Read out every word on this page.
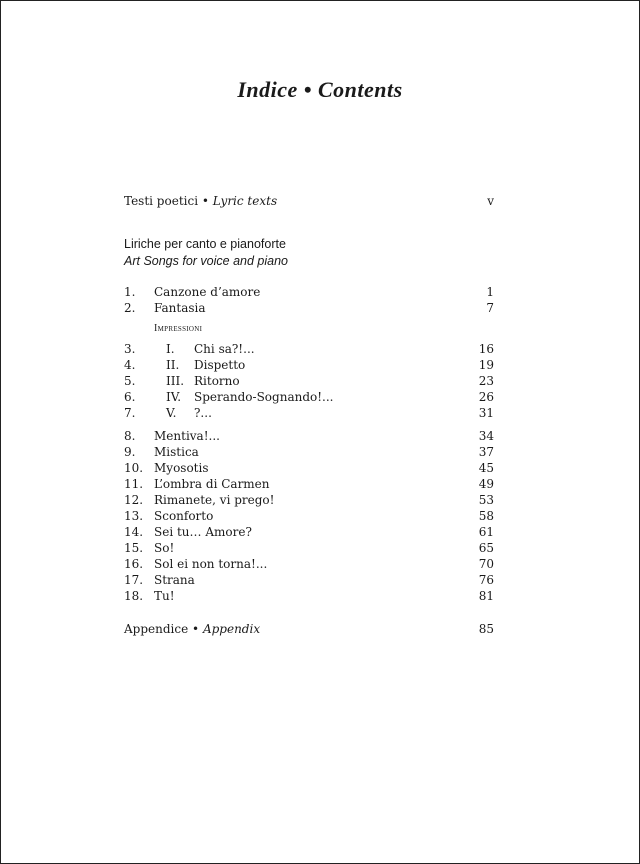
Indice • Contents
Testi poetici • Lyric texts	v
Liriche per canto e pianoforte
Art Songs for voice and piano
1. Canzone d’amore	1
2. Fantasia	7
Impressioni
3.	I. Chi sa?!...	16
4.	II. Dispetto	19
5.	III. Ritorno	23
6.	IV. Sperando-Sognando!...	26
7.	V. ?...	31
8. Mentiva!...	34
9. Mistica	37
10. Myosotis	45
11. L’ombra di Carmen	49
12. Rimanete, vi prego!	53
13. Sconforto	58
14. Sei tu… Amore?	61
15. So!	65
16. Sol ei non torna!...	70
17. Strana	76
18. Tu!	81
Appendice • Appendix	85
